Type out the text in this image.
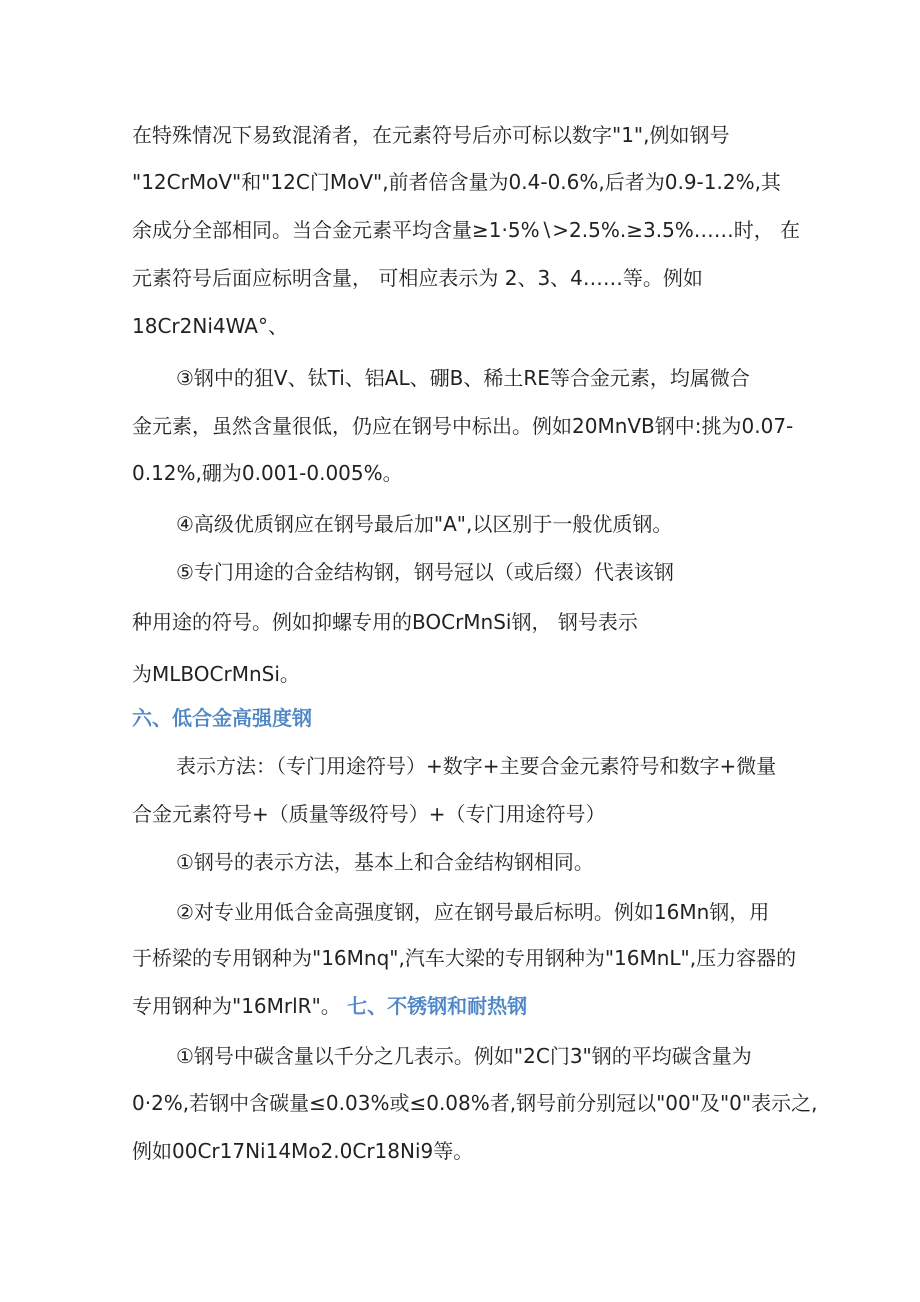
在特殊情况下易致混淆者，在元素符号后亦可标以数字"1",例如钢号
"12CrMoV"和"12C门MoV",前者倍含量为0.4-0.6%,后者为0.9-1.2%,其
余成分全部相同。当合金元素平均含量≥1·5%∖>2.5%.≥3.5%……时， 在
元素符号后面应标明含量， 可相应表示为 2、3、4……等。例如
18Cr2Ni4WA°、
③钢中的狙V、钛Ti、铝AL、硼B、稀土RE等合金元素，均属微合
金元素，虽然含量很低，仍应在钢号中标出。例如20MnVB钢中:挑为0.07-
0.12%,硼为0.001-0.005%。
④高级优质钢应在钢号最后加"A",以区别于一般优质钢。
⑤专门用途的合金结构钢，钢号冠以（或后缀）代表该钢
种用途的符号。例如抑螺专用的BOCrMnSi钢， 钢号表示
为MLBOCrMnSi。
六、低合金高强度钢
表示方法：（专门用途符号）+数字+主要合金元素符号和数字+微量
合金元素符号+（质量等级符号）+（专门用途符号）
①钢号的表示方法，基本上和合金结构钢相同。
②对专业用低合金高强度钢，应在钢号最后标明。例如16Mn钢，用
于桥梁的专用钢种为"16Mnq",汽车大梁的专用钢种为"16MnL",压力容器的
专用钢种为"16MrlR"。 七、不锈钢和耐热钢
①钢号中碳含量以千分之几表示。例如"2C门3"钢的平均碳含量为
0·2%,若钢中含碳量≤0.03%或≤0.08%者,钢号前分别冠以"00"及"0"表示之,
例如00Cr17Ni14Mo2.0Cr18Ni9等。
